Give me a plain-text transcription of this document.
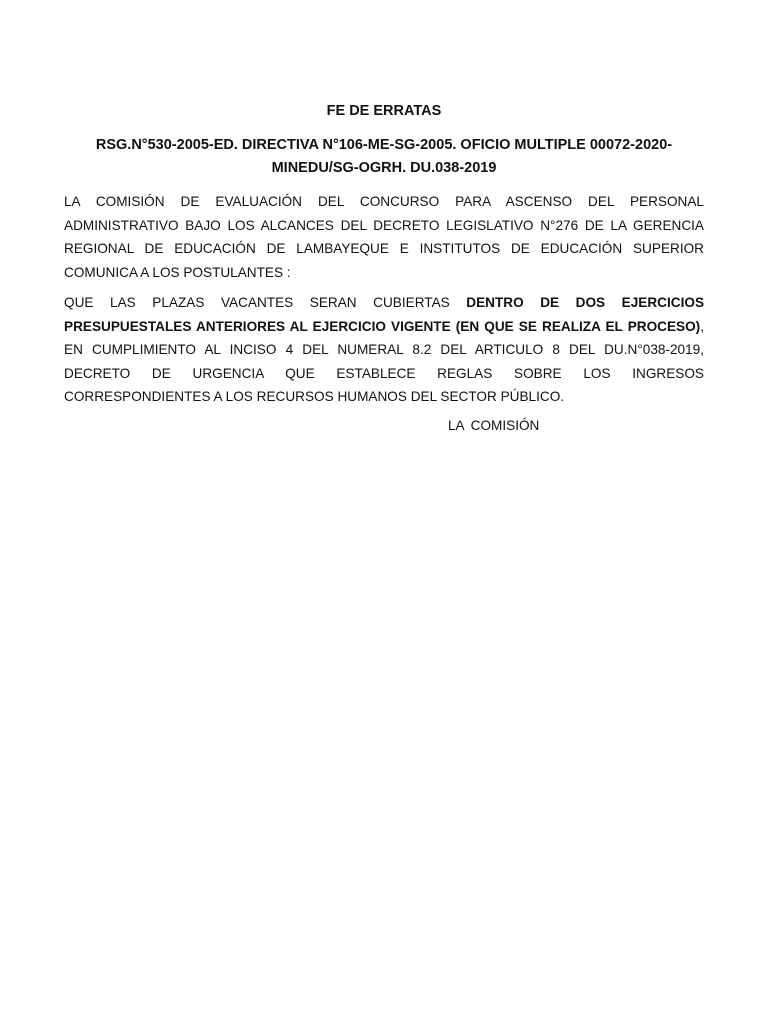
FE DE ERRATAS
RSG.N°530-2005-ED. DIRECTIVA N°106-ME-SG-2005. OFICIO MULTIPLE 00072-2020-MINEDU/SG-OGRH. DU.038-2019

LA COMISIÓN DE EVALUACIÓN DEL CONCURSO PARA ASCENSO DEL PERSONAL ADMINISTRATIVO BAJO LOS ALCANCES DEL DECRETO LEGISLATIVO N°276 DE LA GERENCIA REGIONAL DE EDUCACIÓN DE LAMBAYEQUE E INSTITUTOS DE EDUCACIÓN SUPERIOR COMUNICA A LOS POSTULANTES :

QUE LAS PLAZAS VACANTES SERAN CUBIERTAS DENTRO DE DOS EJERCICIOS PRESUPUESTALES ANTERIORES AL EJERCICIO VIGENTE (EN QUE SE REALIZA EL PROCESO), EN CUMPLIMIENTO AL INCISO 4 DEL NUMERAL 8.2 DEL ARTICULO 8 DEL DU.N°038-2019, DECRETO DE URGENCIA QUE ESTABLECE REGLAS SOBRE LOS INGRESOS CORRESPONDIENTES A LOS RECURSOS HUMANOS DEL SECTOR PÚBLICO.

LA COMISIÓN
